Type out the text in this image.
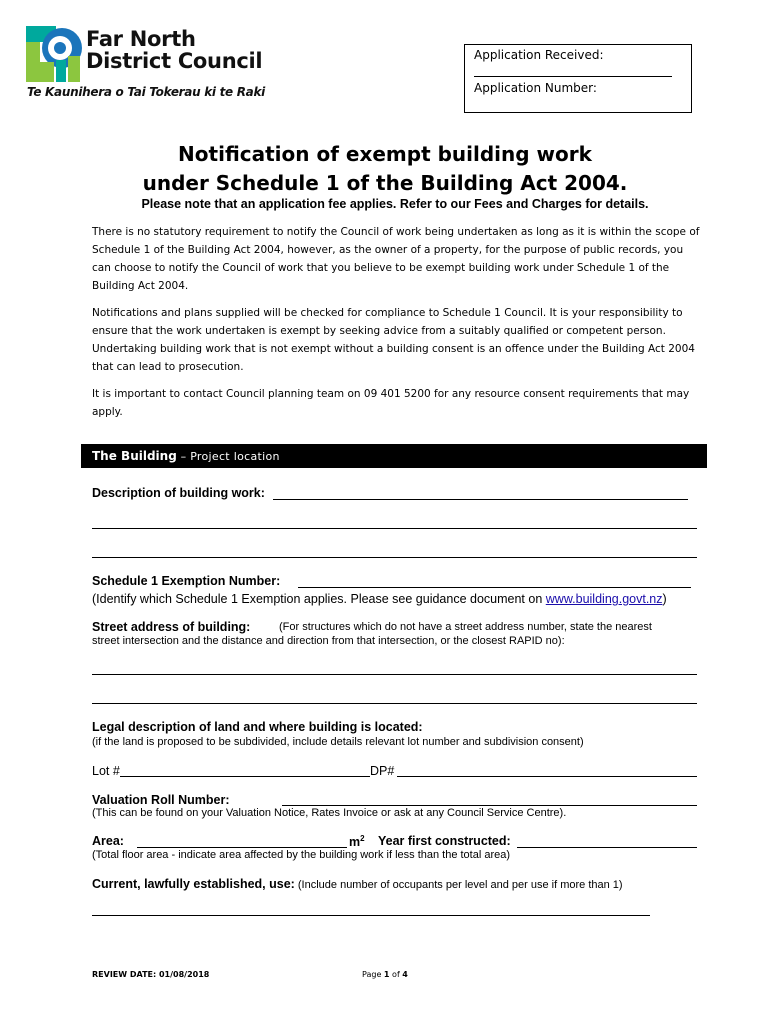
Far North
District Council
Te Kaunihera o Tai Tokerau ki te Raki
Application Received:
Application Number:
Notification of exempt building work
under Schedule 1 of the Building Act 2004.
Please note that an application fee applies. Refer to our Fees and Charges for details.
There is no statutory requirement to notify the Council of work being undertaken as long as it is within the scope of Schedule 1 of the Building Act 2004, however, as the owner of a property, for the purpose of public records, you can choose to notify the Council of work that you believe to be exempt building work under Schedule 1 of the Building Act 2004.
Notifications and plans supplied will be checked for compliance to Schedule 1 Council. It is your responsibility to ensure that the work undertaken is exempt by seeking advice from a suitably qualified or competent person. Undertaking building work that is not exempt without a building consent is an offence under the Building Act 2004 that can lead to prosecution.
It is important to contact Council planning team on 09 401 5200 for any resource consent requirements that may apply.
The Building – Project location
Description of building work:
Schedule 1 Exemption Number:
(Identify which Schedule 1 Exemption applies. Please see guidance document on www.building.govt.nz)
Street address of building:	(For structures which do not have a street address number, state the nearest
street intersection and the distance and direction from that intersection, or the closest RAPID no):
Legal description of land and where building is located:
(if the land is proposed to be subdivided, include details relevant lot number and subdivision consent)
Lot #	DP#
Valuation Roll Number:
(This can be found on your Valuation Notice, Rates Invoice or ask at any Council Service Centre).
Area:	$m^2$ Year first constructed:
(Total floor area - indicate area affected by the building work if less than the total area)
Current, lawfully established, use: (Include number of occupants per level and per use if more than 1)
REVIEW DATE: 01/08/2018	Page 1 of 4
